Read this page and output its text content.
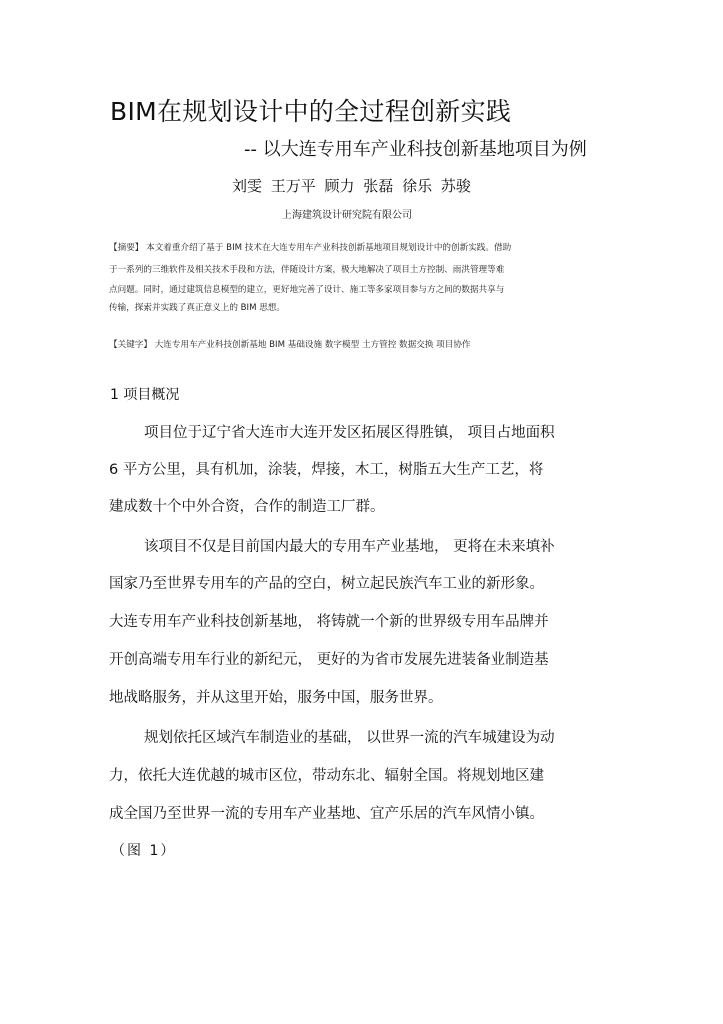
BIM在规划设计中的全过程创新实践
-- 以大连专用车产业科技创新基地项目为例
刘雯 王万平 顾力 张磊 徐乐 苏骏
上海建筑设计研究院有限公司
【摘要】 本文着重介绍了基于 BIM 技术在大连专用车产业科技创新基地项目规划设计中的创新实践。借助
于一系列的三维软件及相关技术手段和方法，伴随设计方案，极大地解决了项目土方控制、雨洪管理等难
点问题。同时，通过建筑信息模型的建立，更好地完善了设计、施工等多家项目参与方之间的数据共享与
传输，探索并实践了真正意义上的 BIM 思想。
【关键字】 大连专用车产业科技创新基地 BIM 基础设施 数字模型 土方管控 数据交换 项目协作
1 项目概况
项目位于辽宁省大连市大连开发区拓展区得胜镇， 项目占地面积
6 平方公里，具有机加，涂装，焊接，木工，树脂五大生产工艺，将
建成数十个中外合资，合作的制造工厂群。
该项目不仅是目前国内最大的专用车产业基地， 更将在未来填补
国家乃至世界专用车的产品的空白，树立起民族汽车工业的新形象。
大连专用车产业科技创新基地， 将铸就一个新的世界级专用车品牌并
开创高端专用车行业的新纪元， 更好的为省市发展先进装备业制造基
地战略服务，并从这里开始，服务中国，服务世界。
规划依托区域汽车制造业的基础， 以世界一流的汽车城建设为动
力，依托大连优越的城市区位，带动东北、辐射全国。将规划地区建
成全国乃至世界一流的专用车产业基地、宜产乐居的汽车风情小镇。
（图 1）
